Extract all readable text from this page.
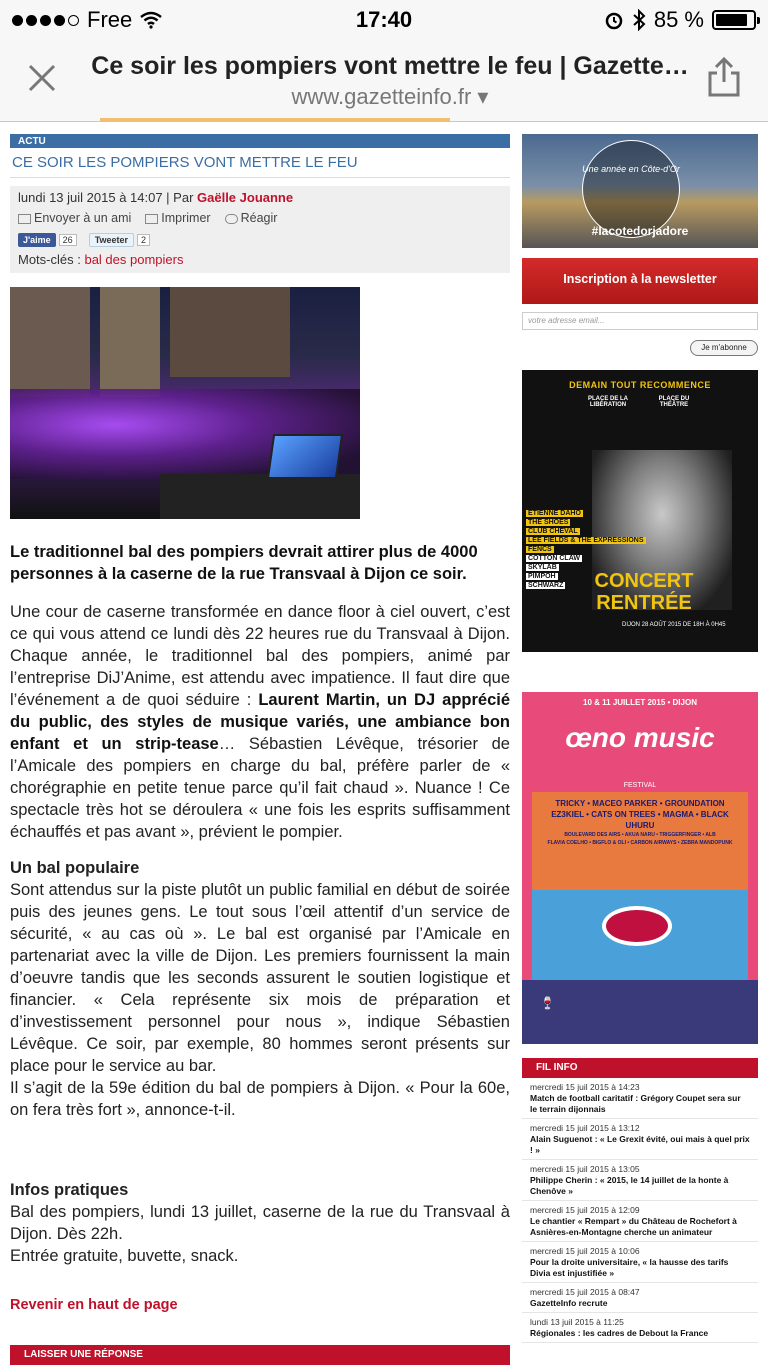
Free	17:40	85 %
Ce soir les pompiers vont mettre le feu | Gazette…
www.gazetteinfo.fr ▾
ACTU
CE SOIR LES POMPIERS VONT METTRE LE FEU
lundi 13 juil 2015 à 14:07 | Par Gaëlle Jouanne
Envoyer à un ami	Imprimer	Réagir
J'aime 26	Tweeter 2
Mots-clés : bal des pompiers
Le traditionnel bal des pompiers devrait attirer plus de 4000 personnes à la caserne de la rue Transvaal à Dijon ce soir.

Une cour de caserne transformée en dance floor à ciel ouvert, c’est ce qui vous attend ce lundi dès 22 heures rue du Transvaal à Dijon. Chaque année, le traditionnel bal des pompiers, animé par l’entreprise DiJ’Anime, est attendu avec impatience. Il faut dire que l’événement a de quoi séduire : Laurent Martin, un DJ apprécié du public, des styles de musique variés, une ambiance bon enfant et un strip-tease… Sébastien Lévêque, trésorier de l’Amicale des pompiers en charge du bal, préfère parler de « chorégraphie en petite tenue parce qu’il fait chaud ». Nuance ! Ce spectacle très hot se déroulera « une fois les esprits suffisamment échauffés et pas avant », prévient le pompier.

Un bal populaire

Sont attendus sur la piste plutôt un public familial en début de soirée puis des jeunes gens. Le tout sous l’œil attentif d’un service de sécurité, « au cas où ». Le bal est organisé par l’Amicale en partenariat avec la ville de Dijon. Les premiers fournissent la main d’oeuvre tandis que les seconds assurent le soutien logistique et financier. « Cela représente six mois de préparation et d’investissement personnel pour nous », indique Sébastien Lévêque. Ce soir, par exemple, 80 hommes seront présents sur place pour le service au bar.

Il s’agit de la 59e édition du bal de pompiers à Dijon. « Pour la 60e, on fera très fort », annonce-t-il.

Infos pratiques

Bal des pompiers, lundi 13 juillet, caserne de la rue du Transvaal à Dijon. Dès 22h.

Entrée gratuite, buvette, snack.

Revenir en haut de page
LAISSER UNE RÉPONSE
Une année en Côte-d'Or
#lacotedorjadore
Inscription à la newsletter
votre adresse email...
Je m'abonne
DEMAIN TOUT RECOMMENCE
PLACE DE LA LIBÉRATION
PLACE DU THÉÂTRE
ETIENNE DAHO
THE SHOES
CLUB CHEVAL
LEE FIELDS & THE EXPRESSIONS
FENCS
COTTON CLAW
SKYLAB
PIMPOH
SCHWARZ CONCERT RENTRÉE
DIJON 28 AOÛT 2015 DE 18H À 0H45
10 & 11 JUILLET 2015 • DIJON
œno music
FESTIVAL
TRICKY • MACEO PARKER • GROUNDATION
EZ3KIEL • CATS ON TREES • MAGMA • BLACK UHURU
BOULEVARD DES AIRS • AKUA NARU • TRIGGERFINGER • ALB
FLAVIA COELHO • BIGFLO & OLI • CARBON AIRWAYS • ZEBRA MANDOPUNK
🍷
FIL INFO
mercredi 15 juil 2015 à 14:23
Match de football caritatif : Grégory Coupet sera sur le terrain dijonnais
mercredi 15 juil 2015 à 13:12
Alain Suguenot : « Le Grexit évité, oui mais à quel prix ! »
mercredi 15 juil 2015 à 13:05
Philippe Cherin : « 2015, le 14 juillet de la honte à Chenôve »
mercredi 15 juil 2015 à 12:09
Le chantier « Rempart » du Château de Rochefort à Asnières-en-Montagne cherche un animateur
mercredi 15 juil 2015 à 10:06
Pour la droite universitaire, « la hausse des tarifs Divia est injustifiée »
mercredi 15 juil 2015 à 08:47
GazetteInfo recrute
lundi 13 juil 2015 à 11:25
Régionales : les cadres de Debout la France
